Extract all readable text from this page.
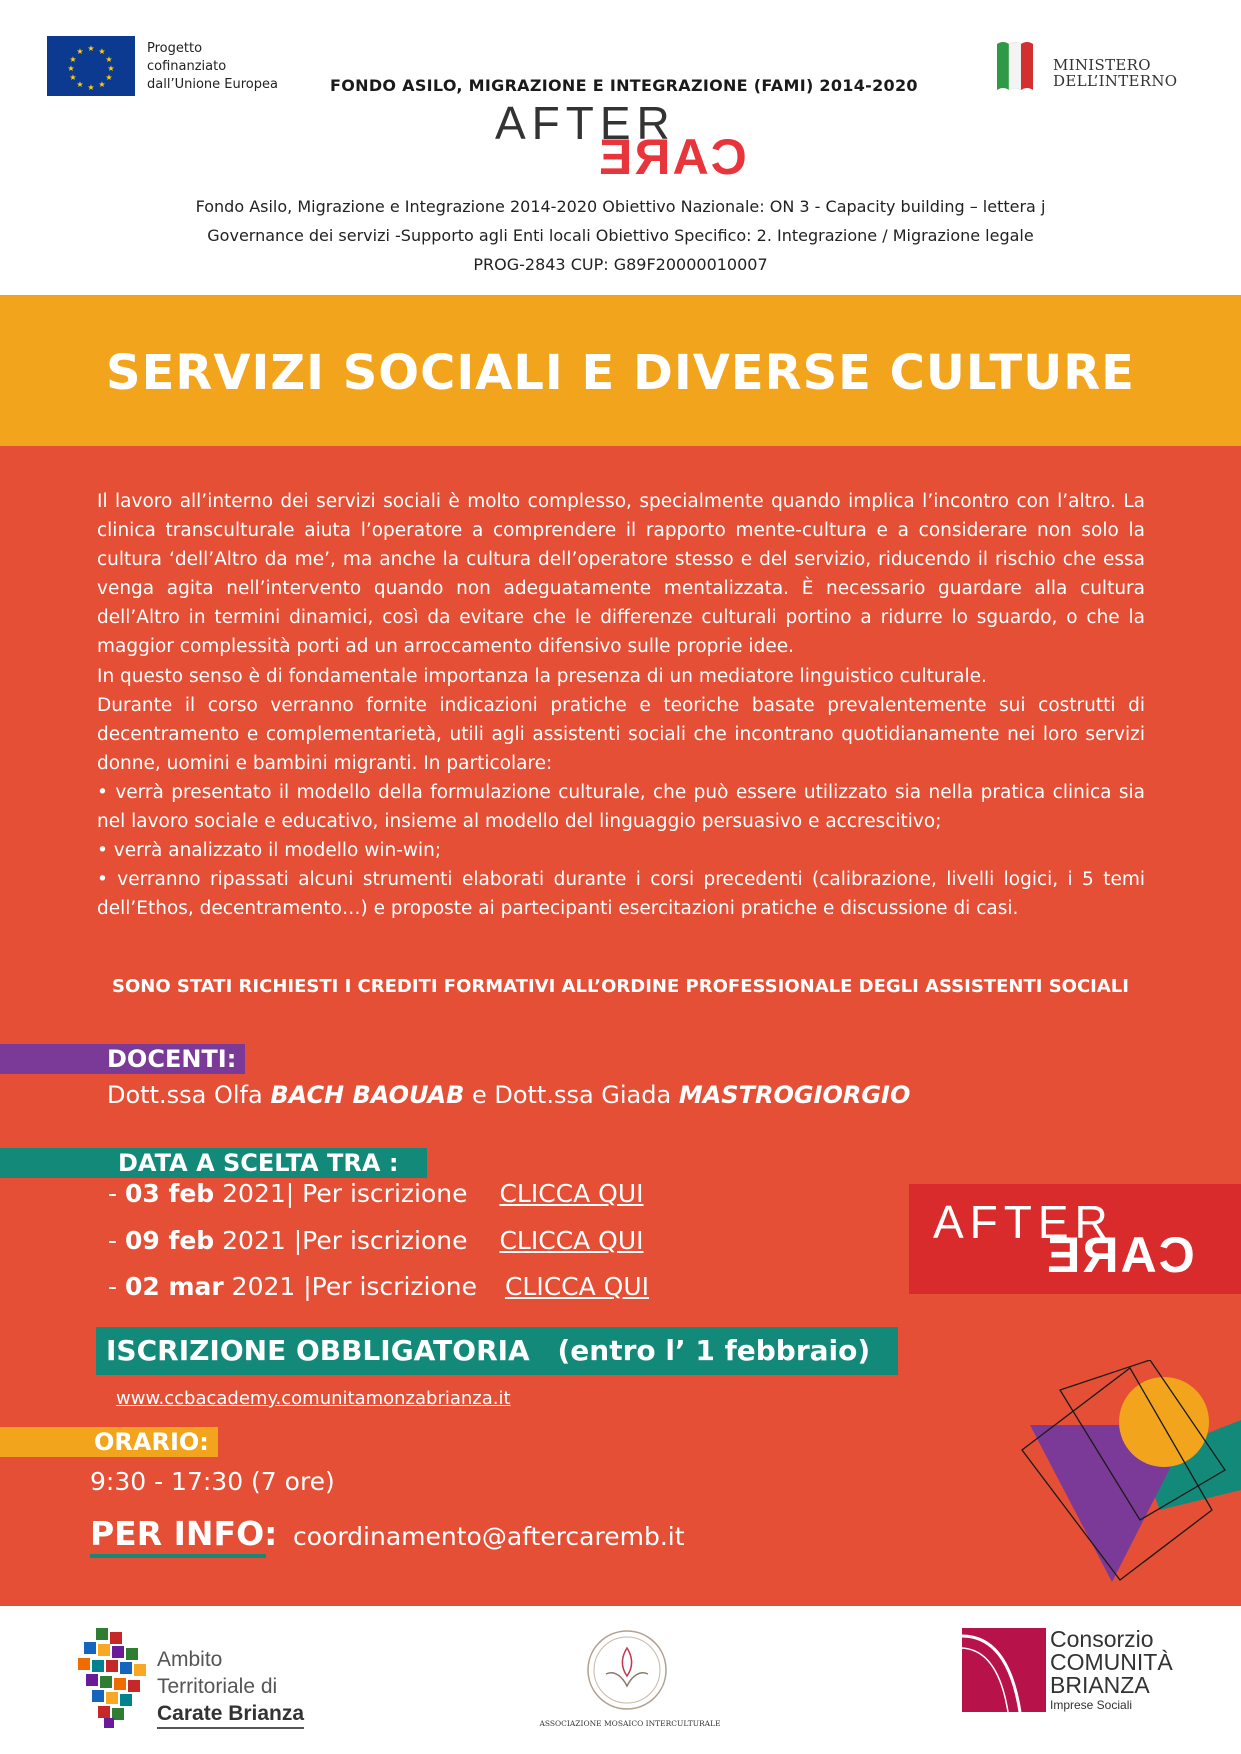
★ ★
★
★
★
★
★
★
★
★
★
★	Progetto
cofinanziato
dall’Unione Europea	FONDO ASILO, MIGRAZIONE E INTEGRAZIONE (FAMI) 2014-2020
MINISTERO
DELL’INTERNO
AFTER
CARE
Fondo Asilo, Migrazione e Integrazione 2014-2020 Obiettivo Nazionale: ON 3 - Capacity building – lettera j
Governance dei servizi -Supporto agli Enti locali Obiettivo Specifico: 2. Integrazione / Migrazione legale
PROG-2843 CUP: G89F20000010007
SERVIZI SOCIALI E DIVERSE CULTURE

Il lavoro all’interno dei servizi sociali è molto complesso, specialmente quando implica l’incontro con l’altro. La clinica transculturale aiuta l’operatore a comprendere il rapporto mente-cultura e a considerare non solo la cultura ‘dell’Altro da me’, ma anche la cultura dell’operatore stesso e del servizio, riducendo il rischio che essa venga agita nell’intervento quando non adeguatamente mentalizzata. È necessario guardare alla cultura dell’Altro in termini dinamici, così da evitare che le differenze culturali portino a ridurre lo sguardo, o che la maggior complessità porti ad un arroccamento difensivo sulle proprie idee.

In questo senso è di fondamentale importanza la presenza di un mediatore linguistico culturale.

Durante il corso verranno fornite indicazioni pratiche e teoriche basate prevalentemente sui costrutti di decentramento e complementarietà, utili agli assistenti sociali che incontrano quotidianamente nei loro servizi donne, uomini e bambini migranti. In particolare:

• verrà presentato il modello della formulazione culturale, che può essere utilizzato sia nella pratica clinica sia nel lavoro sociale e educativo, insieme al modello del linguaggio persuasivo e accrescitivo;

• verrà analizzato il modello win-win;

• verranno ripassati alcuni strumenti elaborati durante i corsi precedenti (calibrazione, livelli logici, i 5 temi dell’Ethos, decentramento…) e proposte ai partecipanti esercitazioni pratiche e discussione di casi.

SONO STATI RICHIESTI I CREDITI FORMATIVI ALL’ORDINE PROFESSIONALE DEGLI ASSISTENTI SOCIALI
DOCENTI:
Dott.ssa Olfa BACH BAOUAB e Dott.ssa Giada MASTROGIORGIO
DATA A SCELTA TRA :
- 03 feb 2021| Per iscrizione CLICCA QUI
- 09 feb 2021 |Per iscrizione CLICCA QUI
- 02 mar 2021 |Per iscrizione CLICCA QUI
AFTER
CARE
ISCRIZIONE OBBLIGATORIA (entro l’ 1 febbraio)
www.ccbacademy.comunitamonzabrianza.it
ORARIO:
9:30 - 17:30 (7 ore)
PER INFO: coordinamento@aftercaremb.it
Ambito
Territoriale di
Carate Brianza	ASSOCIAZIONE MOSAICO INTERCULTURALE
Consorzio
COMUNITÀ
BRIANZA
Imprese Sociali
